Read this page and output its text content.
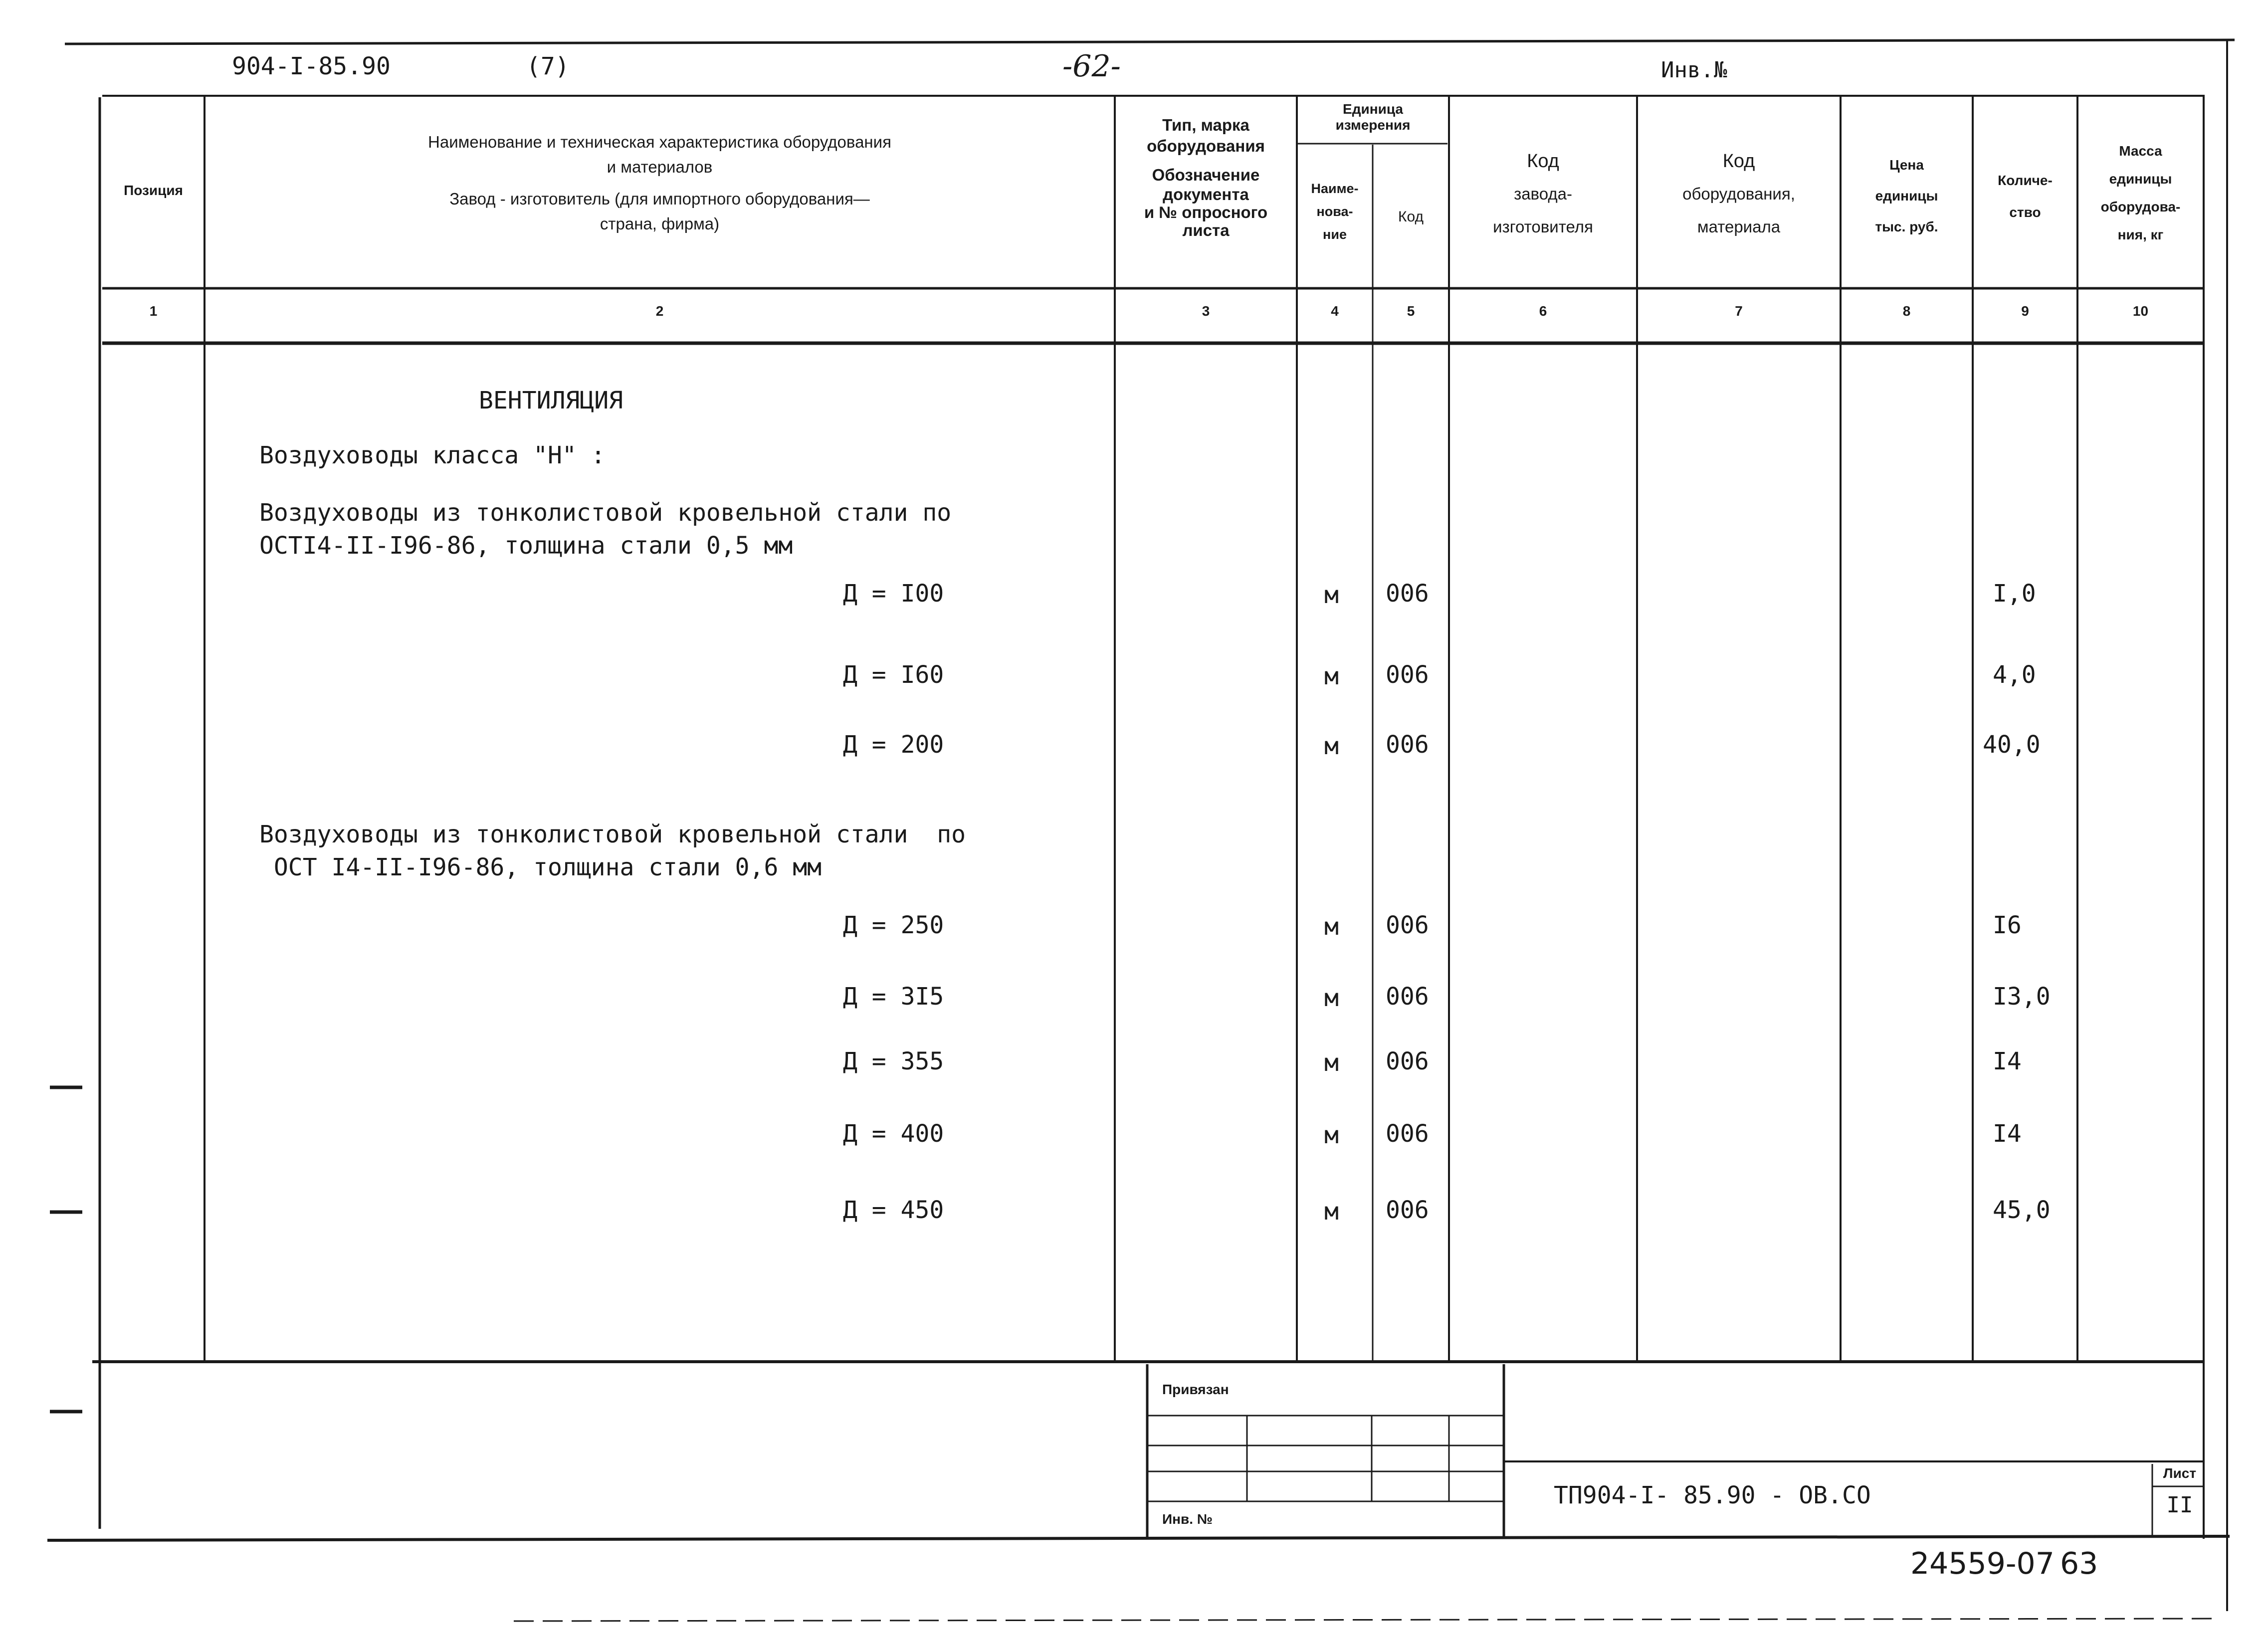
904-I-85.90	(7)	-62-	Инв.№
Позиция
Наименование и техническая характеристика оборудования
и материалов
Завод - изготовитель (для импортного оборудования—
страна, фирма)
Тип, марка
оборудования
Обозначение
документа
и № опросного
листа
Единица
измерения
Наиме-
нова-
ние
Код
Код
завода-
изготовителя
Код
оборудования,
материала
Цена
единицы
тыс. руб.
Количе-
ство
Масса
единицы
оборудова-
ния, кг
1	2	3	4	5	6	7	8	9	10
ВЕНТИЛЯЦИЯ
Воздуховоды класса "Н" :
Воздуховоды из тонколистовой кровельной стали по
ОСТI4-II-I96-86, толщина стали 0,5 мм
Воздуховоды из тонколистовой кровельной стали  по
ОСТ I4-II-I96-86, толщина стали 0,6 мм
Д = I00	м 006	I,0
Д = I60	м 006	4,0
Д = 200	м 006	40,0
Д = 250	м 006	I6
Д = 3I5	м 006	I3,0
Д = 355	м 006	I4
Д = 400	м 006	I4
Д = 450	м 006	45,0
Привязан
Инв. №
ТП904-I- 85.90 - ОВ.СО
Лист
II
24559-07 63
